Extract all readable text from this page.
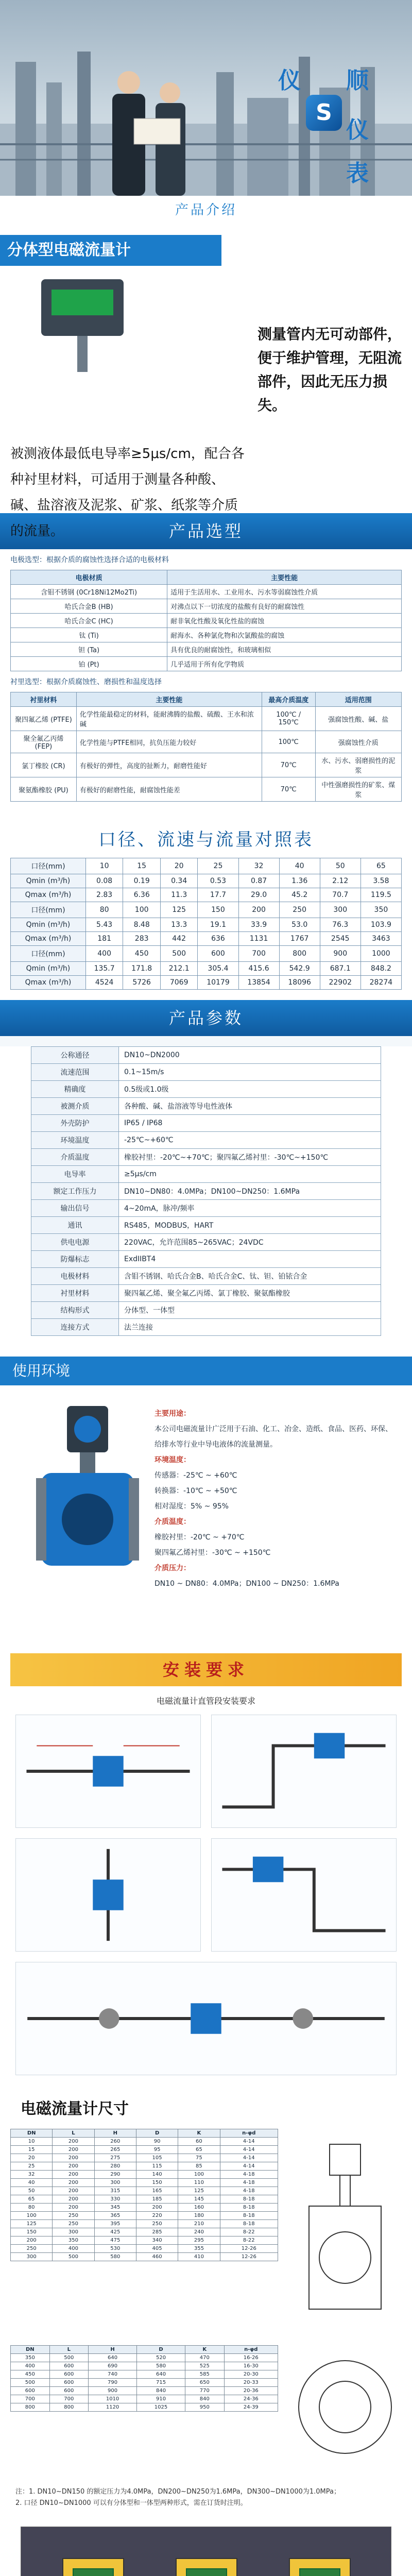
仪 顺
S
仪
表
产品介绍
分体型电磁流量计
测量管内无可动部件，便于维护管理，无阻流部件，因此无压力损失。
被测液体最低电导率≥5μs/cm，配合各种衬里材料，可适用于测量各种酸、碱、盐溶液及泥浆、矿浆、纸浆等介质的流量。	产品选型
电极选型：根据介质的腐蚀性选择合适的电极材料
电极材质	主要性能
含钼不锈钢 (0Cr18Ni12Mo2Ti)	适用于生活用水、工业用水、污水等弱腐蚀性介质
哈氏合金B (HB)	对沸点以下一切浓度的盐酸有良好的耐腐蚀性
哈氏合金C (HC)	耐非氧化性酸及氧化性盐的腐蚀
钛 (Ti)	耐海水、各种氯化物和次氯酸盐的腐蚀
钽 (Ta)	具有优良的耐腐蚀性，和玻璃相似
铂 (Pt)	几乎适用于所有化学物质
衬里选型：根据介质腐蚀性、磨损性和温度选择
衬里材料	主要性能	最高介质温度	适用范围
聚四氟乙烯 (PTFE)	化学性能最稳定的材料，能耐沸腾的盐酸、硫酸、王水和浓碱	100℃ / 150℃	强腐蚀性酸、碱、盐
聚全氟乙丙烯 (FEP)	化学性能与PTFE相同，抗负压能力较好	100℃	强腐蚀性介质
氯丁橡胶 (CR)	有极好的弹性，高度的扯断力，耐磨性能好	70℃	水、污水、弱磨损性的泥浆
聚氨酯橡胶 (PU)	有极好的耐磨性能，耐腐蚀性能差	70℃	中性强磨损性的矿浆、煤浆
口径、流速与流量对照表
口径(mm)	10	15	20	25	32	40	50	65
Qmin (m³/h)	0.08	0.19	0.34	0.53	0.87	1.36	2.12	3.58
Qmax (m³/h)	2.83	6.36	11.3	17.7	29.0	45.2	70.7	119.5
口径(mm)	80	100	125	150	200	250	300	350
Qmin (m³/h)	5.43	8.48	13.3	19.1	33.9	53.0	76.3	103.9
Qmax (m³/h)	181	283	442	636	1131	1767	2545	3463
口径(mm)	400	450	500	600	700	800	900	1000
Qmin (m³/h)	135.7	171.8	212.1	305.4	415.6	542.9	687.1	848.2
Qmax (m³/h)	4524	5726	7069	10179	13854	18096	22902	28274
产品参数
公称通径	DN10~DN2000
流速范围	0.1~15m/s
精确度	0.5级或1.0级
被测介质	各种酸、碱、盐溶液等导电性液体
外壳防护	IP65 / IP68
环境温度	-25℃~+60℃
介质温度	橡胶衬里：-20℃~+70℃；聚四氟乙烯衬里：-30℃~+150℃
电导率	≥5μs/cm
额定工作压力	DN10~DN80：4.0MPa；DN100~DN250：1.6MPa
输出信号	4~20mA，脉冲/频率
通讯	RS485，MODBUS，HART
供电电源	220VAC，允许范围85~265VAC；24VDC
防爆标志	ExdIIBT4
电极材料	含钼不锈钢、哈氏合金B、哈氏合金C、钛、钽、铂铱合金
衬里材料	聚四氟乙烯、聚全氟乙丙烯、氯丁橡胶、聚氨酯橡胶
结构形式	分体型、一体型
连接方式	法兰连接
使用环境
主要用途：
本公司电磁流量计广泛用于石油、化工、冶金、造纸、食品、医药、环保、给排水等行业中导电液体的流量测量。
环境温度：
传感器：-25℃ ~ +60℃
转换器：-10℃ ~ +50℃
相对湿度：5% ~ 95%
介质温度：
橡胶衬里：-20℃ ~ +70℃
聚四氟乙烯衬里：-30℃ ~ +150℃
介质压力：
DN10 ~ DN80：4.0MPa；DN100 ~ DN250：1.6MPa
安装要求
电磁流量计直管段安装要求
电磁流量计尺寸
DN	L	H	D	K	n-φd
10	200	260	90	60	4-14
15	200	265	95	65	4-14
20	200	275	105	75	4-14
25	200	280	115	85	4-14
32	200	290	140	100	4-18
40	200	300	150	110	4-18
50	200	315	165	125	4-18
65	200	330	185	145	8-18
80	200	345	200	160	8-18
100	250	365	220	180	8-18
125	250	395	250	210	8-18
150	300	425	285	240	8-22
200	350	475	340	295	8-22
250	400	530	405	355	12-26
300	500	580	460	410	12-26
DN	L	H	D	K	n-φd
350	500	640	520	470	16-26
400	600	690	580	525	16-30
450	600	740	640	585	20-30
500	600	790	715	650	20-33
600	600	900	840	770	20-36
700	700	1010	910	840	24-36
800	800	1120	1025	950	24-39
注：1. DN10~DN150 的额定压力为4.0MPa，DN200~DN250为1.6MPa，DN300~DN1000为1.0MPa；
2. 口径 DN10~DN1000 可以有分体型和一体型两种形式，需在订货时注明。
